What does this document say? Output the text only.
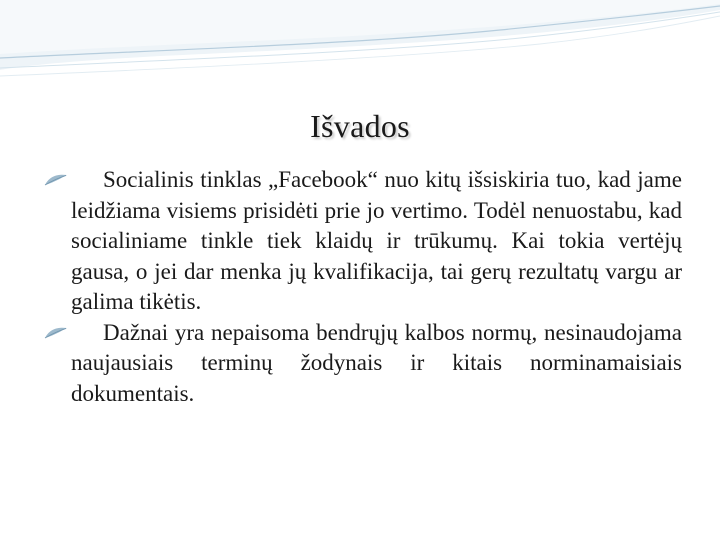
Išvados

Socialinis tinklas „Facebook“ nuo kitų išsiskiria tuo, kad jame leidžiama visiems prisidėti prie jo vertimo. Todėl nenuostabu, kad socialiniame tinkle tiek klaidų ir trūkumų. Kai tokia vertėjų gausa, o jei dar menka jų kvalifikacija, tai gerų rezultatų vargu ar galima tikėtis.

Dažnai yra nepaisoma bendrųjų kalbos normų, nesinaudojama naujausiais terminų žodynais ir kitais norminamaisiais dokumentais.
